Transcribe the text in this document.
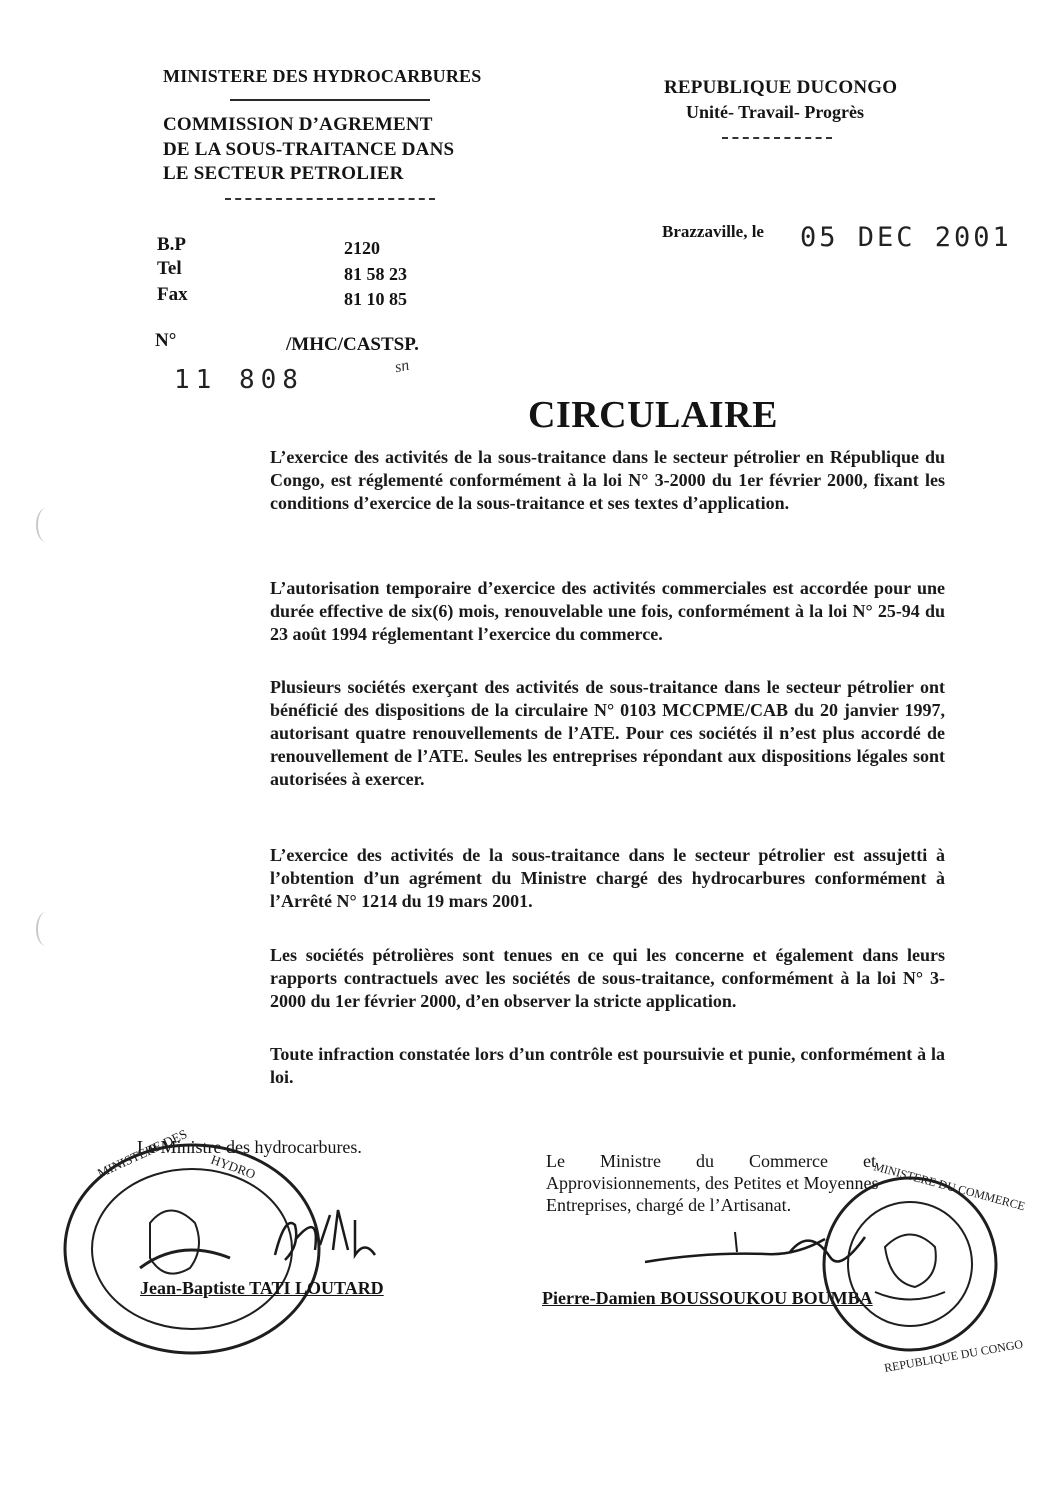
MINISTERE DES HYDROCARBURES
COMMISSION D’AGREMENT
DE LA SOUS-TRAITANCE DANS
LE SECTEUR PETROLIER
REPUBLIQUE DUCONGO
Unité- Travail- Progrès
B.P	2120
Tel	81 58 23
Fax	81 10 85
Brazzaville, le 05 DEC 2001
N°	/MHC/CASTSP.
11 808	sn
CIRCULAIRE
L’exercice des activités de la sous-traitance dans le secteur pétrolier en République du Congo, est réglementé conformément à la loi N° 3-2000 du 1er février 2000, fixant les conditions d’exercice de la sous-traitance et ses textes d’application.
L’autorisation temporaire d’exercice des activités commerciales est accordée pour une durée effective de six(6) mois, renouvelable une fois, conformément à la loi N° 25-94 du 23 août 1994 réglementant l’exercice du commerce.
Plusieurs sociétés exerçant des activités de sous-traitance dans le secteur pétrolier ont bénéficié des dispositions de la circulaire N° 0103 MCCPME/CAB du 20 janvier 1997, autorisant quatre renouvellements de l’ATE. Pour ces sociétés il n’est plus accordé de renouvellement de l’ATE. Seules les entreprises répondant aux dispositions légales sont autorisées à exercer.
L’exercice des activités de la sous-traitance dans le secteur pétrolier est assujetti à l’obtention d’un agrément du Ministre chargé des hydrocarbures conformément à l’Arrêté N° 1214 du 19 mars 2001.
Les sociétés pétrolières sont tenues en ce qui les concerne et également dans leurs rapports contractuels avec les sociétés de sous-traitance, conformément à la loi N° 3-2000 du 1er février 2000, d’en observer la stricte application.
Toute infraction constatée lors d’un contrôle est poursuivie et punie, conformément à la loi.
Le Ministre des hydrocarbures.
MINISTERE DES HYDRO
Jean-Baptiste TATI LOUTARD
Le Ministre du Commerce et
Approvisionnements, des Petites et Moyennes
Entreprises, chargé de l’Artisanat.
Pierre-Damien BOUSSOUKOU BOUMBA
MINISTERE DU COMMERCE
REPUBLIQUE DU CONGO
